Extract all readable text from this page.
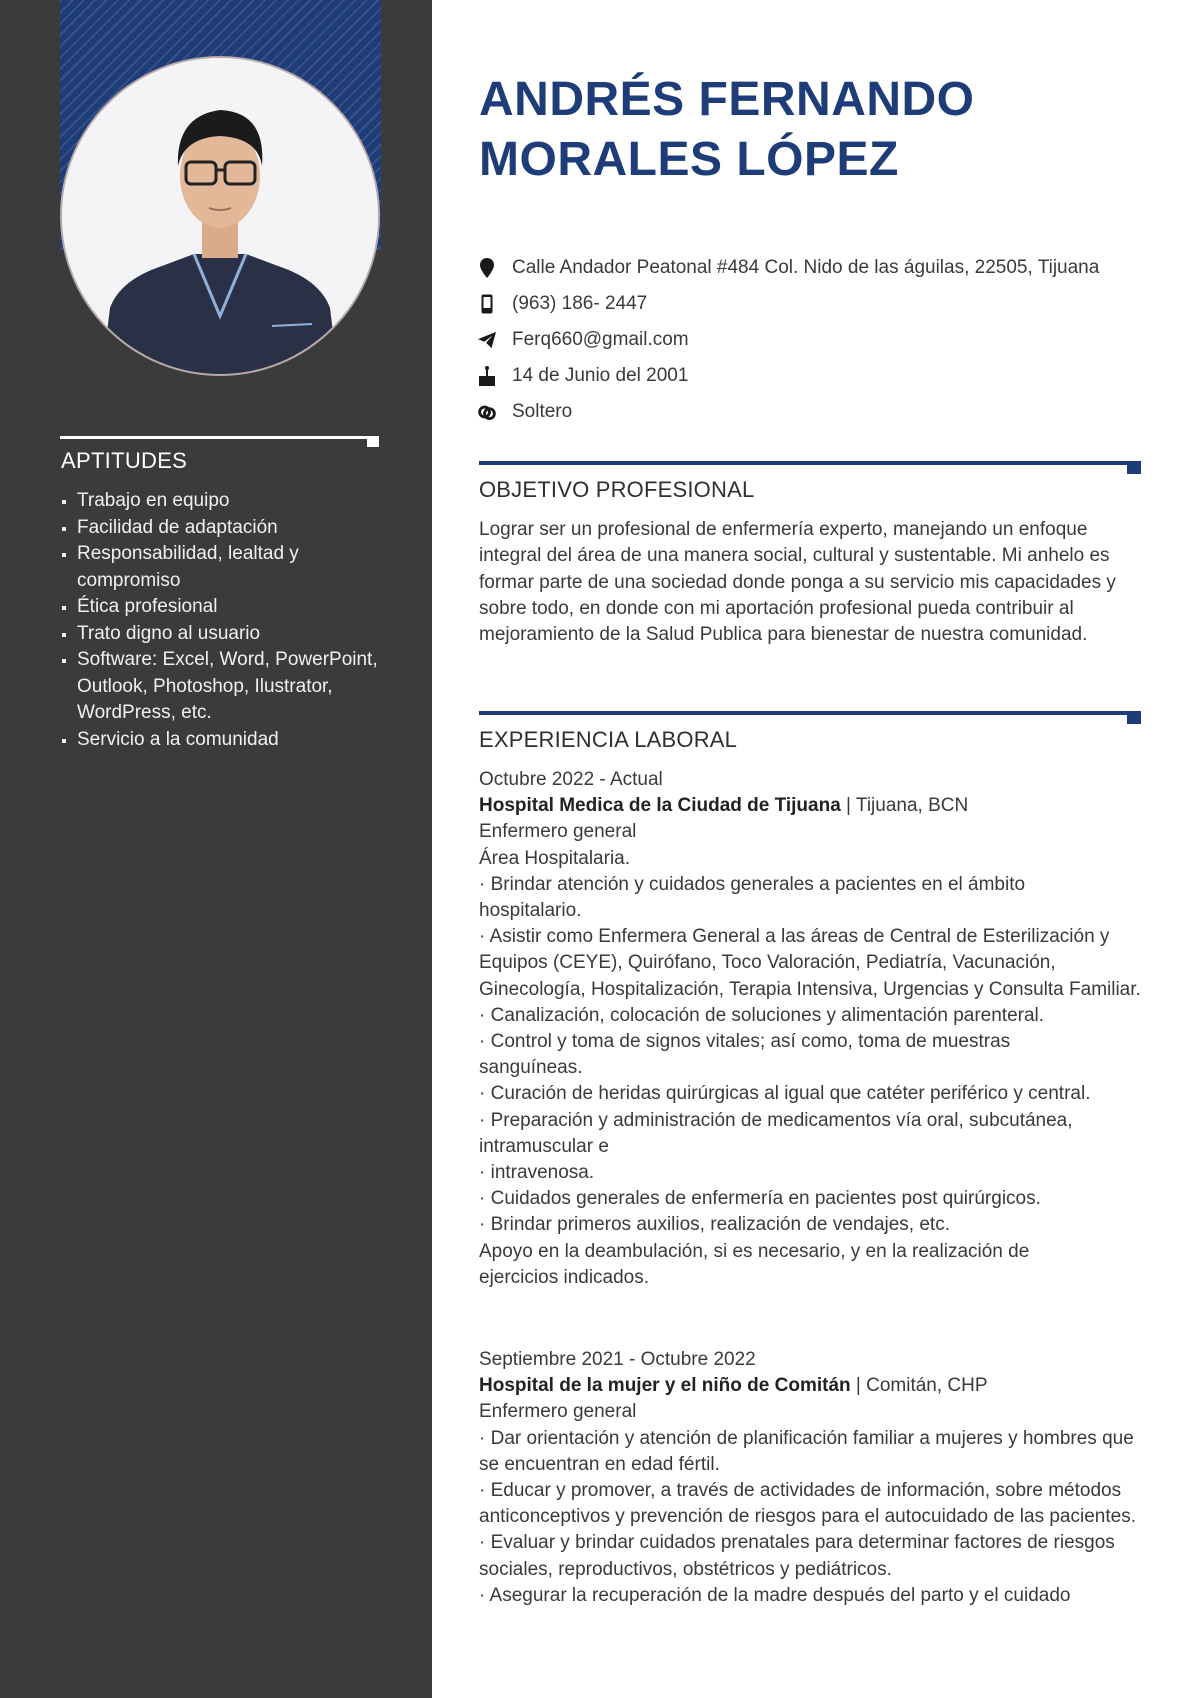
APTITUDES
Trabajo en equipo
Facilidad de adaptación
Responsabilidad, lealtad y compromiso
Ética profesional
Trato digno al usuario
Software: Excel, Word, PowerPoint, Outlook, Photoshop, Ilustrator, WordPress, etc.
Servicio a la comunidad
ANDRÉS FERNANDO
MORALES LÓPEZ
Calle Andador Peatonal #484 Col. Nido de las águilas, 22505, Tijuana
(963) 186- 2447
Ferq660@gmail.com
14 de Junio del 2001
Soltero
OBJETIVO PROFESIONAL
Lograr ser un profesional de enfermería experto, manejando un enfoque integral del área de una manera social, cultural y sustentable. Mi anhelo es formar parte de una sociedad donde ponga a su servicio mis capacidades y sobre todo, en donde con mi aportación profesional pueda contribuir al mejoramiento de la Salud Publica para bienestar de nuestra comunidad.
EXPERIENCIA LABORAL
Octubre 2022 - Actual
Hospital Medica de la Ciudad de Tijuana | Tijuana, BCN
Enfermero general
Área Hospitalaria.
· Brindar atención y cuidados generales a pacientes en el ámbito hospitalario.
· Asistir como Enfermera General a las áreas de Central de Esterilización y Equipos (CEYE), Quirófano, Toco Valoración, Pediatría, Vacunación, Ginecología, Hospitalización, Terapia Intensiva, Urgencias y Consulta Familiar.
· Canalización, colocación de soluciones y alimentación parenteral.
· Control y toma de signos vitales; así como, toma de muestras sanguíneas.
· Curación de heridas quirúrgicas al igual que catéter periférico y central.
· Preparación y administración de medicamentos vía oral, subcutánea, intramuscular e
· intravenosa.
· Cuidados generales de enfermería en pacientes post quirúrgicos.
· Brindar primeros auxilios, realización de vendajes, etc.
Apoyo en la deambulación, si es necesario, y en la realización de ejercicios indicados.
Septiembre 2021 - Octubre 2022
Hospital de la mujer y el niño de Comitán | Comitán, CHP
Enfermero general
· Dar orientación y atención de planificación familiar a mujeres y hombres que se encuentran en edad fértil.
· Educar y promover, a través de actividades de información, sobre métodos anticonceptivos y prevención de riesgos para el autocuidado de las pacientes.
· Evaluar y brindar cuidados prenatales para determinar factores de riesgos sociales, reproductivos, obstétricos y pediátricos.
· Asegurar la recuperación de la madre después del parto y el cuidado
